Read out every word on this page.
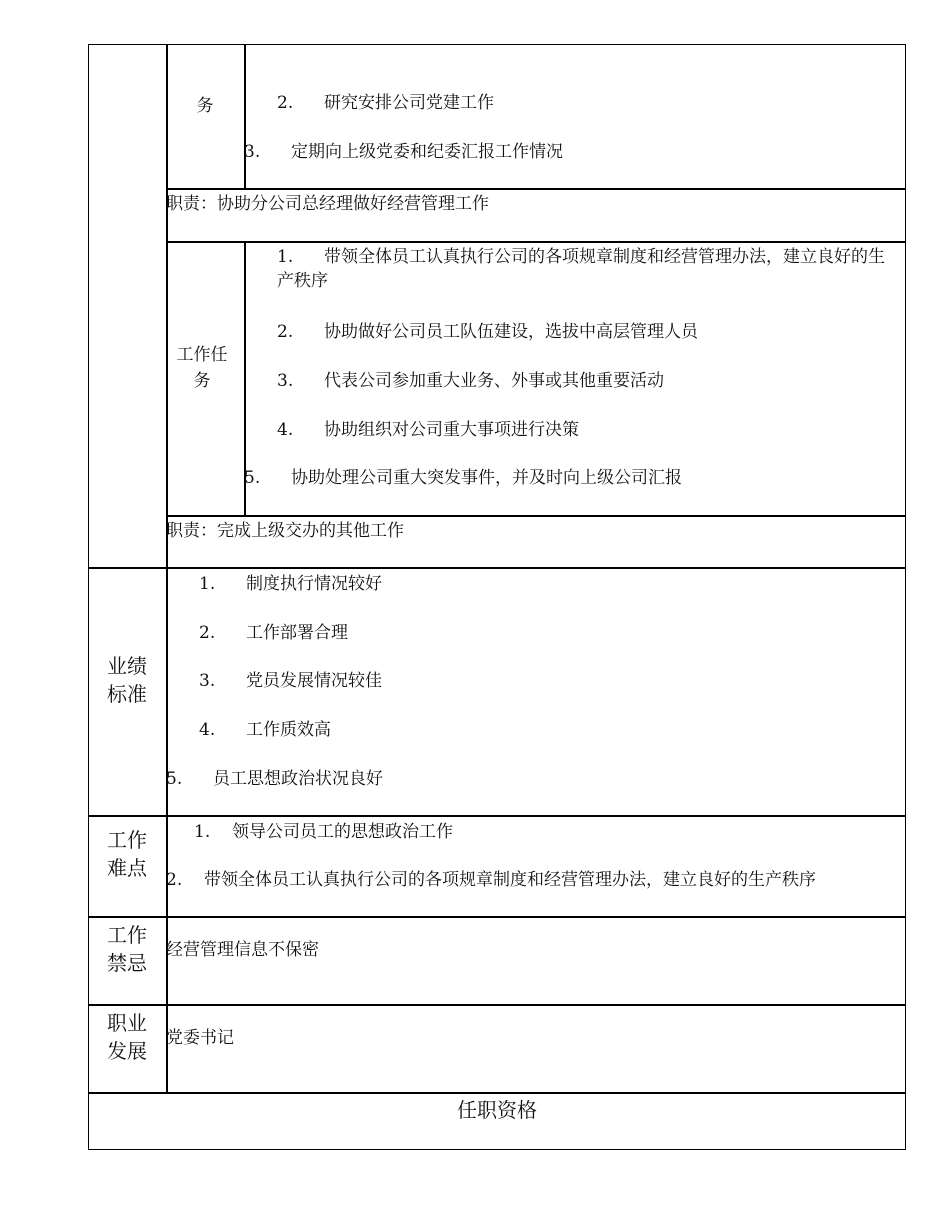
务	2. 研究安排公司党建工作
3. 定期向上级党委和纪委汇报工作情况
职责：协助分公司总经理做好经营管理工作
工作任务
1. 带领全体员工认真执行公司的各项规章制度和经营管理办法，建立良好的生产秩序
2. 协助做好公司员工队伍建设，选拔中高层管理人员
3. 代表公司参加重大业务、外事或其他重要活动
4. 协助组织对公司重大事项进行决策
5. 协助处理公司重大突发事件，并及时向上级公司汇报
职责：完成上级交办的其他工作
业绩标准
1. 制度执行情况较好
2. 工作部署合理
3. 党员发展情况较佳
4. 工作质效高
5. 员工思想政治状况良好
工作难点
1. 领导公司员工的思想政治工作
2. 带领全体员工认真执行公司的各项规章制度和经营管理办法，建立良好的生产秩序
工作禁忌
经营管理信息不保密
职业发展
党委书记
任职资格
